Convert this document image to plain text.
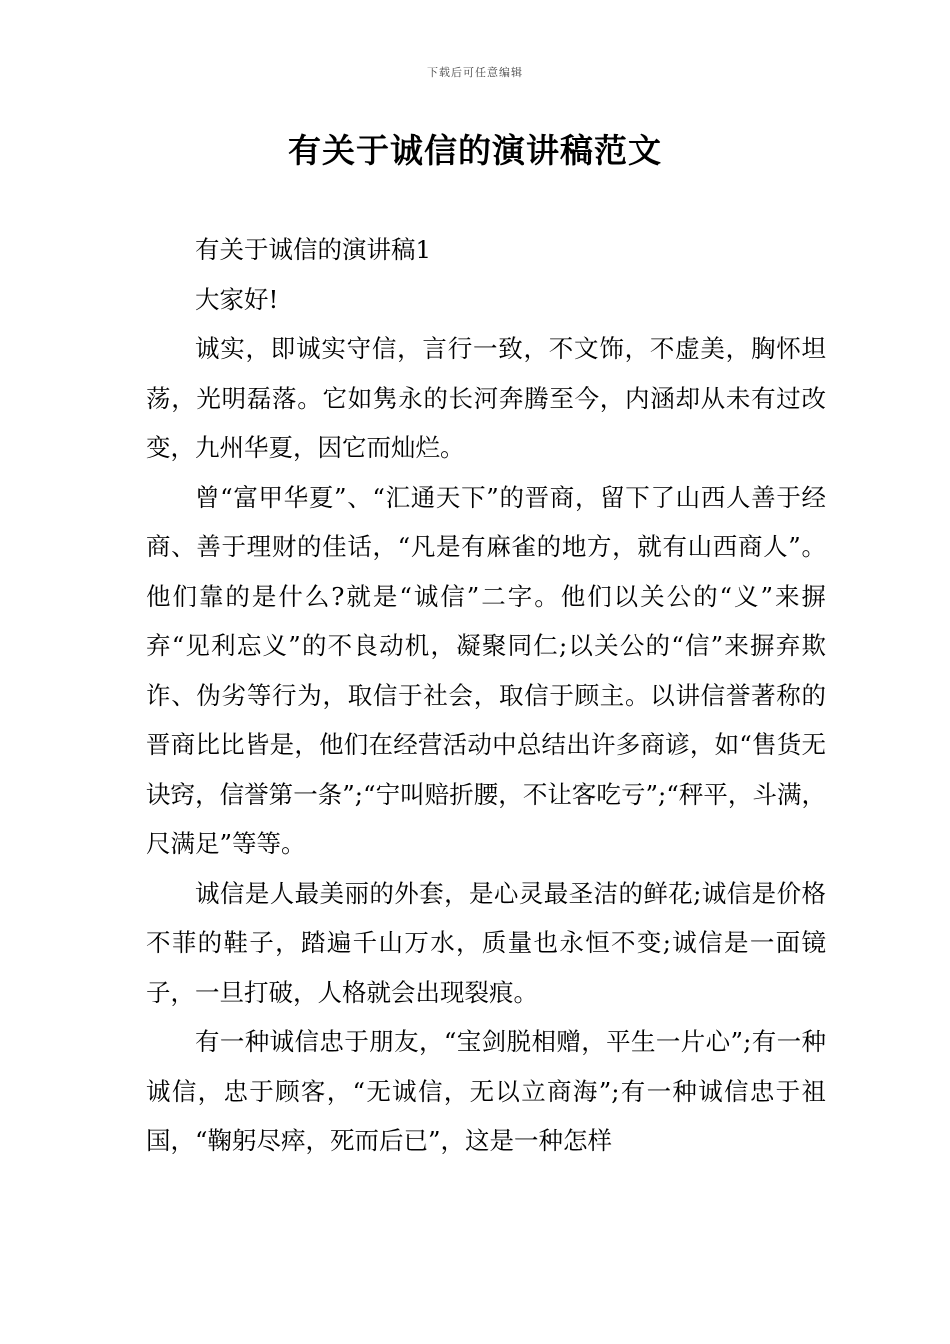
下载后可任意编辑
有关于诚信的演讲稿范文

有关于诚信的演讲稿1

大家好!

诚实，即诚实守信，言行一致，不文饰，不虚美，胸怀坦荡，光明磊落。它如隽永的长河奔腾至今，内涵却从未有过改变，九州华夏，因它而灿烂。

曾“富甲华夏”、“汇通天下”的晋商，留下了山西人善于经商、善于理财的佳话，“凡是有麻雀的地方，就有山西商人”。他们靠的是什么?就是“诚信”二字。他们以关公的“义”来摒弃“见利忘义”的不良动机，凝聚同仁;以关公的“信”来摒弃欺诈、伪劣等行为，取信于社会，取信于顾主。以讲信誉著称的晋商比比皆是，他们在经营活动中总结出许多商谚，如“售货无诀窍，信誉第一条”;“宁叫赔折腰，不让客吃亏”;“秤平，斗满，尺满足”等等。

诚信是人最美丽的外套，是心灵最圣洁的鲜花;诚信是价格不菲的鞋子，踏遍千山万水，质量也永恒不变;诚信是一面镜子，一旦打破，人格就会出现裂痕。

有一种诚信忠于朋友，“宝剑脱相赠，平生一片心”;有一种诚信，忠于顾客，“无诚信，无以立商海”;有一种诚信忠于祖国，“鞠躬尽瘁，死而后已”，这是一种怎样
